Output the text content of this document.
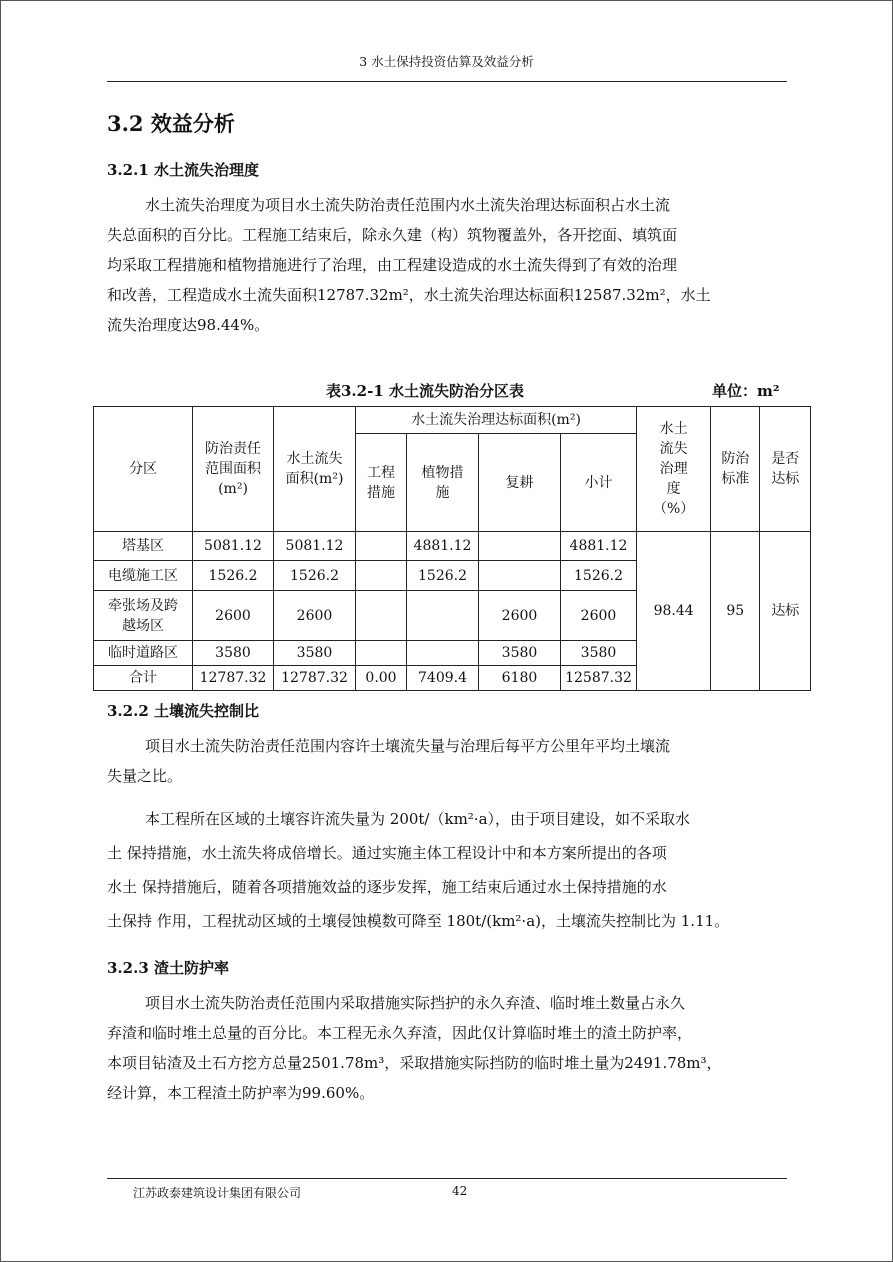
3 水土保持投资估算及效益分析
3.2 效益分析
3.2.1 水土流失治理度

水土流失治理度为项目水土流失防治责任范围内水土流失治理达标面积占水土流
失总面积的百分比。工程施工结束后，除永久建（构）筑物覆盖外，各开挖面、填筑面
均采取工程措施和植物措施进行了治理，由工程建设造成的水土流失得到了有效的治理
和改善，工程造成水土流失面积12787.32m²，水土流失治理达标面积12587.32m²，水土
流失治理度达98.44%。

表3.2-1 水土流失防治分区表	单位：m²
分区	防治责任范围面积(m²)	水土流失面积(m²)	水土流失治理达标面积(m²)				水土流失治理度（%）	防治标准	是否达标
			工程措施	植物措施	复耕	小计			
塔基区	5081.12	5081.12		4881.12		4881.12	98.44	95	达标
电缆施工区	1526.2	1526.2		1526.2		1526.2			
牵张场及跨越场区	2600	2600			2600	2600			
临时道路区	3580	3580			3580	3580			
合计	12787.32	12787.32	0.00	7409.4	6180	12587.32			
3.2.2 土壤流失控制比

项目水土流失防治责任范围内容许土壤流失量与治理后每平方公里年平均土壤流
失量之比。

本工程所在区域的土壤容许流失量为 200t/（km²·a），由于项目建设，如不采取水
土 保持措施，水土流失将成倍增长。通过实施主体工程设计中和本方案所提出的各项
水土 保持措施后，随着各项措施效益的逐步发挥，施工结束后通过水土保持措施的水
土保持 作用，工程扰动区域的土壤侵蚀模数可降至 180t/(km²·a)，土壤流失控制比为 1.11。

3.2.3 渣土防护率

项目水土流失防治责任范围内采取措施实际挡护的永久弃渣、临时堆土数量占永久
弃渣和临时堆土总量的百分比。本工程无永久弃渣，因此仅计算临时堆土的渣土防护率，
本项目钻渣及土石方挖方总量2501.78m³，采取措施实际挡防的临时堆土量为2491.78m³，
经计算，本工程渣土防护率为99.60%。

江苏政泰建筑设计集团有限公司	42
